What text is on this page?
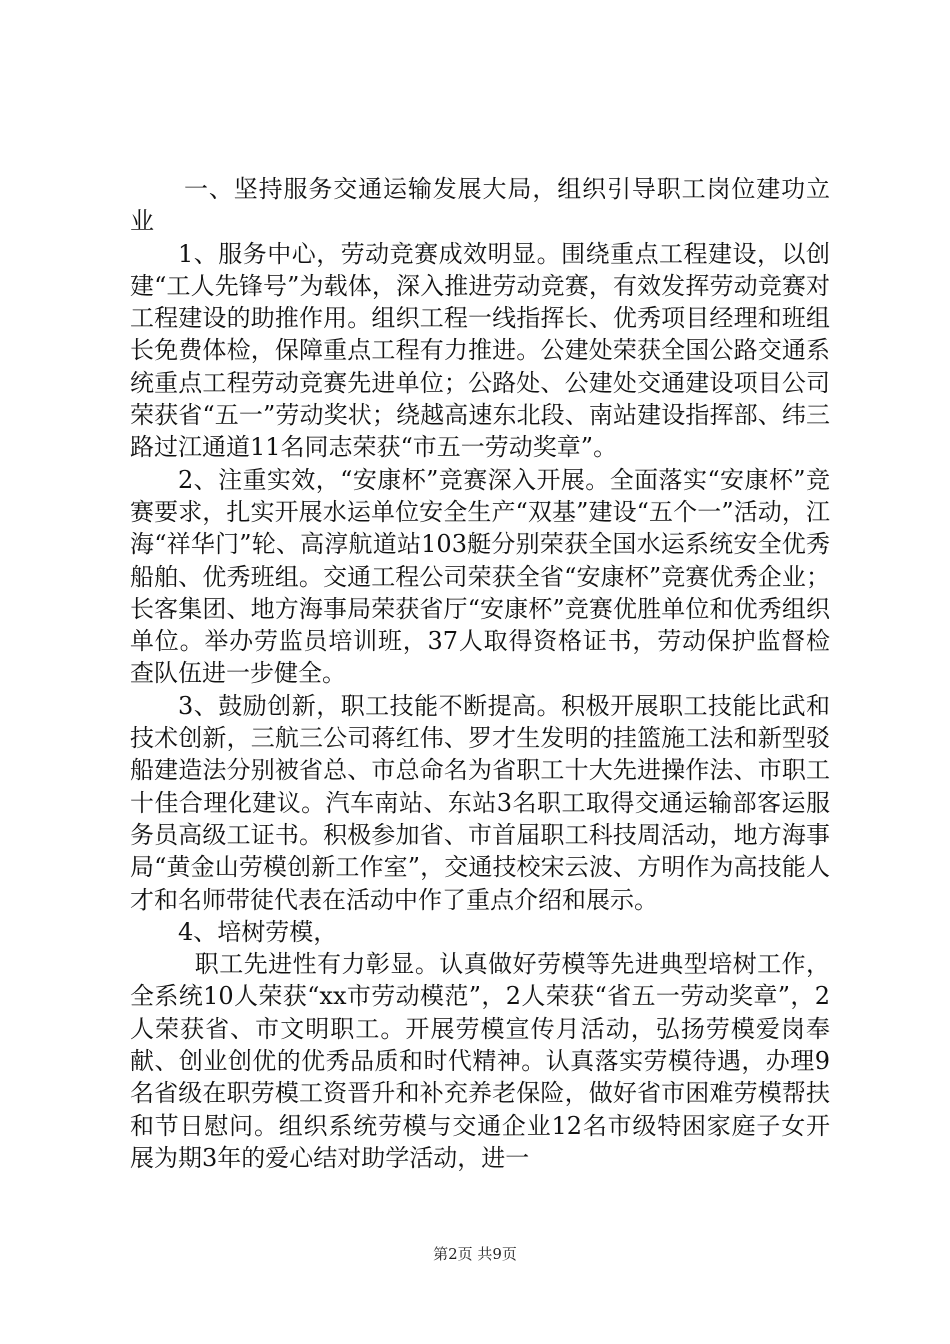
一、坚持服务交通运输发展大局，组织引导职工岗位建功立业

1、服务中心，劳动竞赛成效明显。围绕重点工程建设，以创建“工人先锋号”为载体，深入推进劳动竞赛，有效发挥劳动竞赛对工程建设的助推作用。组织工程一线指挥长、优秀项目经理和班组长免费体检，保障重点工程有力推进。公建处荣获全国公路交通系统重点工程劳动竞赛先进单位；公路处、公建处交通建设项目公司荣获省“五一”劳动奖状；绕越高速东北段、南站建设指挥部、纬三路过江通道11名同志荣获“市五一劳动奖章”。

2、注重实效，“安康杯”竞赛深入开展。全面落实“安康杯”竞赛要求，扎实开展水运单位安全生产“双基”建设“五个一”活动，江海“祥华门”轮、高淳航道站103艇分别荣获全国水运系统安全优秀船舶、优秀班组。交通工程公司荣获全省“安康杯”竞赛优秀企业；长客集团、地方海事局荣获省厅“安康杯”竞赛优胜单位和优秀组织单位。举办劳监员培训班，37人取得资格证书，劳动保护监督检查队伍进一步健全。

3、鼓励创新，职工技能不断提高。积极开展职工技能比武和技术创新，三航三公司蒋红伟、罗才生发明的挂篮施工法和新型驳船建造法分别被省总、市总命名为省职工十大先进操作法、市职工十佳合理化建议。汽车南站、东站3名职工取得交通运输部客运服务员高级工证书。积极参加省、市首届职工科技周活动，地方海事局“黄金山劳模创新工作室”，交通技校宋云波、方明作为高技能人才和名师带徒代表在活动中作了重点介绍和展示。

4、培树劳模，

职工先进性有力彰显。认真做好劳模等先进典型培树工作，全系统10人荣获“xx市劳动模范”，2人荣获“省五一劳动奖章”，2人荣获省、市文明职工。开展劳模宣传月活动，弘扬劳模爱岗奉献、创业创优的优秀品质和时代精神。认真落实劳模待遇，办理9名省级在职劳模工资晋升和补充养老保险，做好省市困难劳模帮扶和节日慰问。组织系统劳模与交通企业12名市级特困家庭子女开展为期3年的爱心结对助学活动，进一

第2页 共9页
